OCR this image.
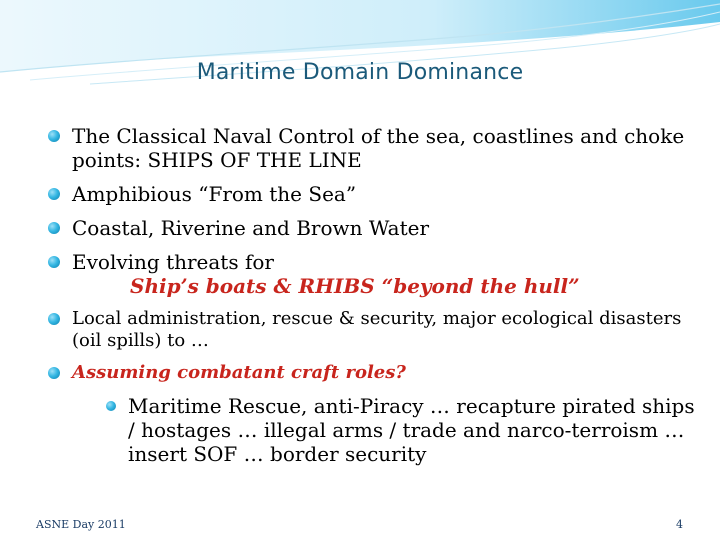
Maritime Domain Dominance
The Classical Naval Control of the sea, coastlines and choke points: SHIPS OF THE LINE
Amphibious “From the Sea”
Coastal, Riverine and Brown Water
Evolving threats for
Ship’s boats & RHIBS “beyond the hull”
Local administration, rescue & security, major ecological disasters (oil spills) to …
Assuming combatant craft roles?
Maritime Rescue, anti-Piracy … recapture pirated ships / hostages … illegal arms / trade and narco-terroism … insert SOF … border security
ASNE Day 2011	4
